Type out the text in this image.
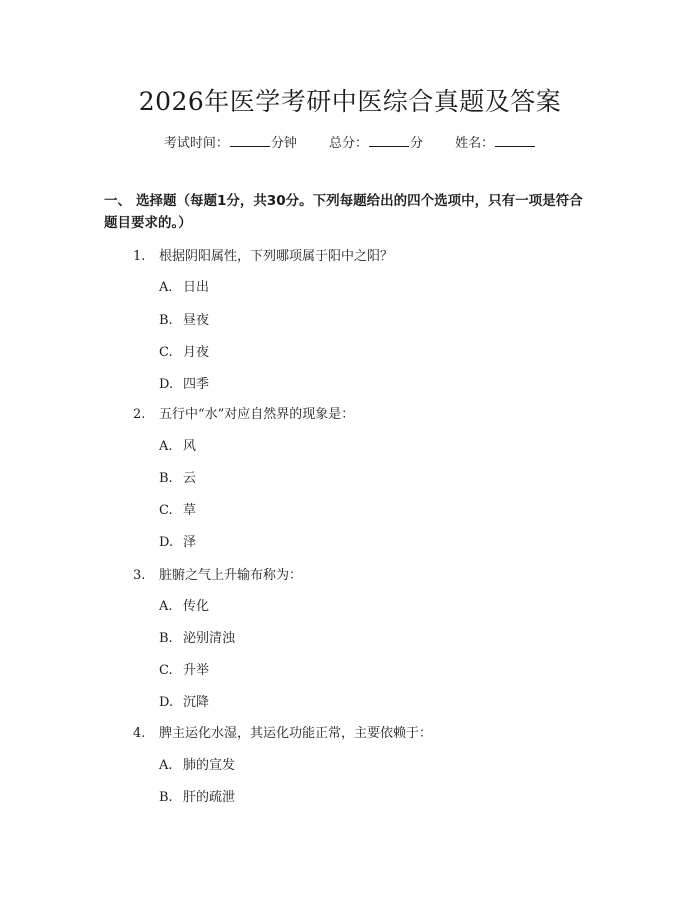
2026年医学考研中医综合真题及答案
考试时间：	分钟 总分：	分 姓名：
一、 选择题（每题1分，共30分。下列每题给出的四个选项中，只有一项是符合题目要求的。）
1. 根据阴阳属性，下列哪项属于阳中之阳？
A. 日出
B. 昼夜
C. 月夜
D. 四季
2. 五行中“水”对应自然界的现象是：
A. 风
B. 云
C. 草
D. 泽
3. 脏腑之气上升输布称为：
A. 传化
B. 泌别清浊
C. 升举
D. 沉降
4. 脾主运化水湿，其运化功能正常，主要依赖于：
A. 肺的宣发
B. 肝的疏泄
